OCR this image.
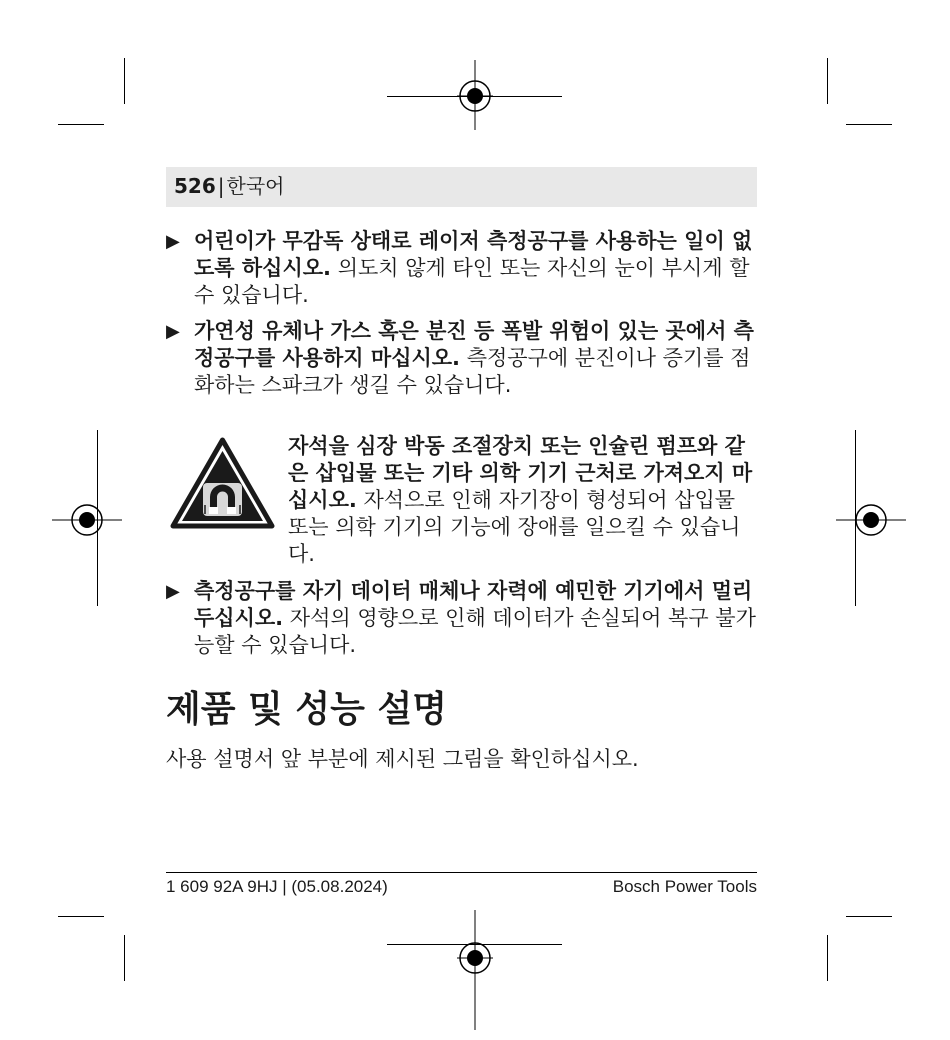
526 | 한국어
▶ 어린이가 무감독 상태로 레이저 측정공구를 사용하는 일이 없도록 하십시오. 의도치 않게 타인 또는 자신의 눈이 부시게 할 수 있습니다.
▶ 가연성 유체나 가스 혹은 분진 등 폭발 위험이 있는 곳에서 측정공구를 사용하지 마십시오. 측정공구에 분진이나 증기를 점화하는 스파크가 생길 수 있습니다.
자석을 심장 박동 조절장치 또는 인슐린 펌프와 같은 삽입물 또는 기타 의학 기기 근처로 가져오지 마십시오. 자석으로 인해 자기장이 형성되어 삽입물 또는 의학 기기의 기능에 장애를 일으킬 수 있습니다.
▶ 측정공구를 자기 데이터 매체나 자력에 예민한 기기에서 멀리 두십시오. 자석의 영향으로 인해 데이터가 손실되어 복구 불가능할 수 있습니다.
제품 및 성능 설명
사용 설명서 앞 부분에 제시된 그림을 확인하십시오.
1 609 92A 9HJ | (05.08.2024)	Bosch Power Tools
